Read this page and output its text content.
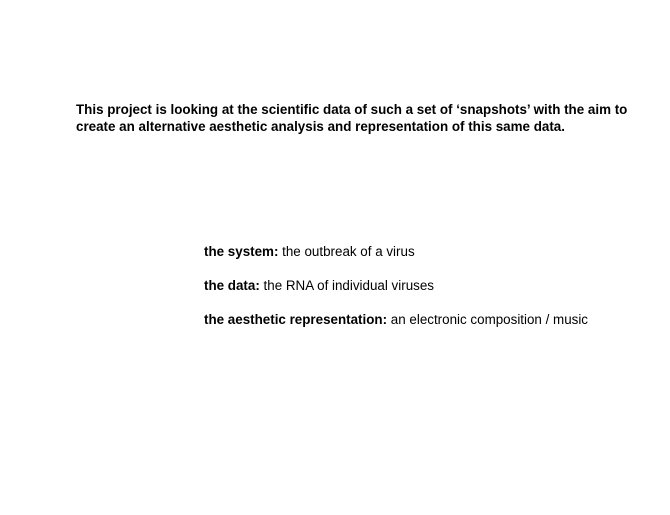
This project is looking at the scientific data of such a set of ‘snapshots’ with the aim to create an alternative aesthetic analysis and representation of this same data.

the system: the outbreak of a virus
the data: the RNA of individual viruses
the aesthetic representation: an electronic composition / music
